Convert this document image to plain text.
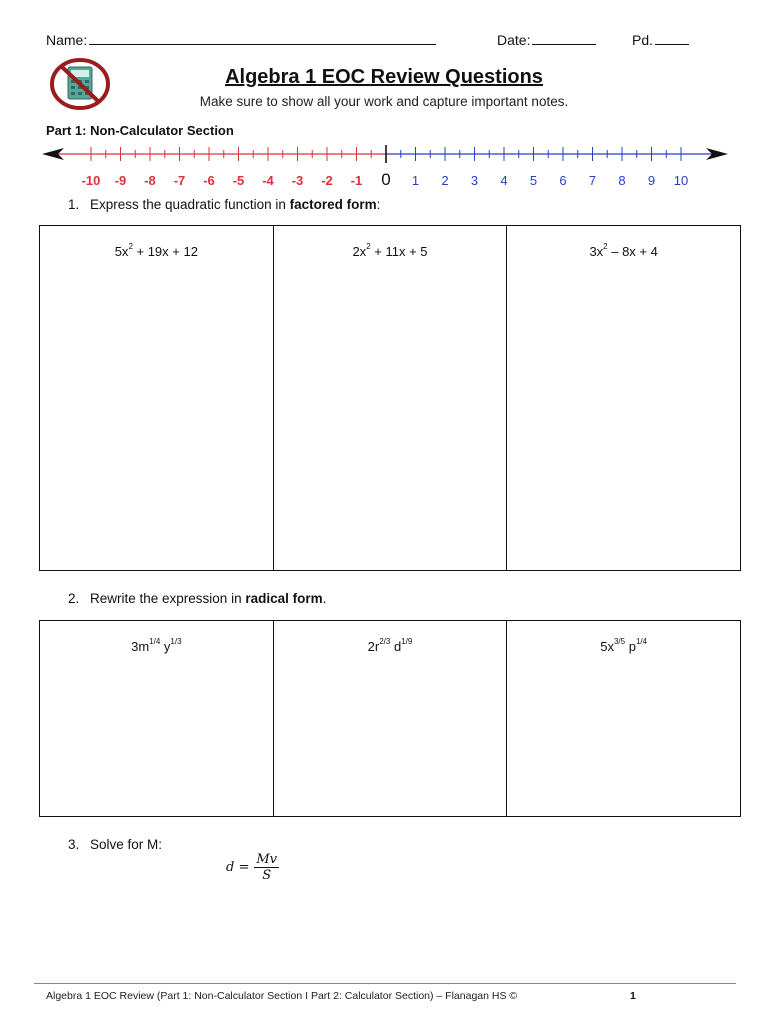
Name:	Date:	Pd.
Algebra 1 EOC Review Questions
Make sure to show all your work and capture important notes.
Part 1: Non-Calculator Section
-10 -9 -8 -7 -6 -5 -4 -3 -2 -1 0 1 2 3 4 5 6 7 8 9 10
1. Express the quadratic function in factored form:
$5x^2 + 19x + 12$	$2x^2 + 11x + 5$	$3x^2 - 8x + 4$
2. Rewrite the expression in radical form.
$3m^{1/4}$ $y^{1/3}$	$2r^{2/3}$ $d^{1/9}$	$5x^{3/5}$ $p^{1/4}$
3. Solve for M:
$d = \frac{Mv}{S}$
Algebra 1 EOC Review (Part 1: Non-Calculator Section I Part 2: Calculator Section) – Flanagan HS ©	1
